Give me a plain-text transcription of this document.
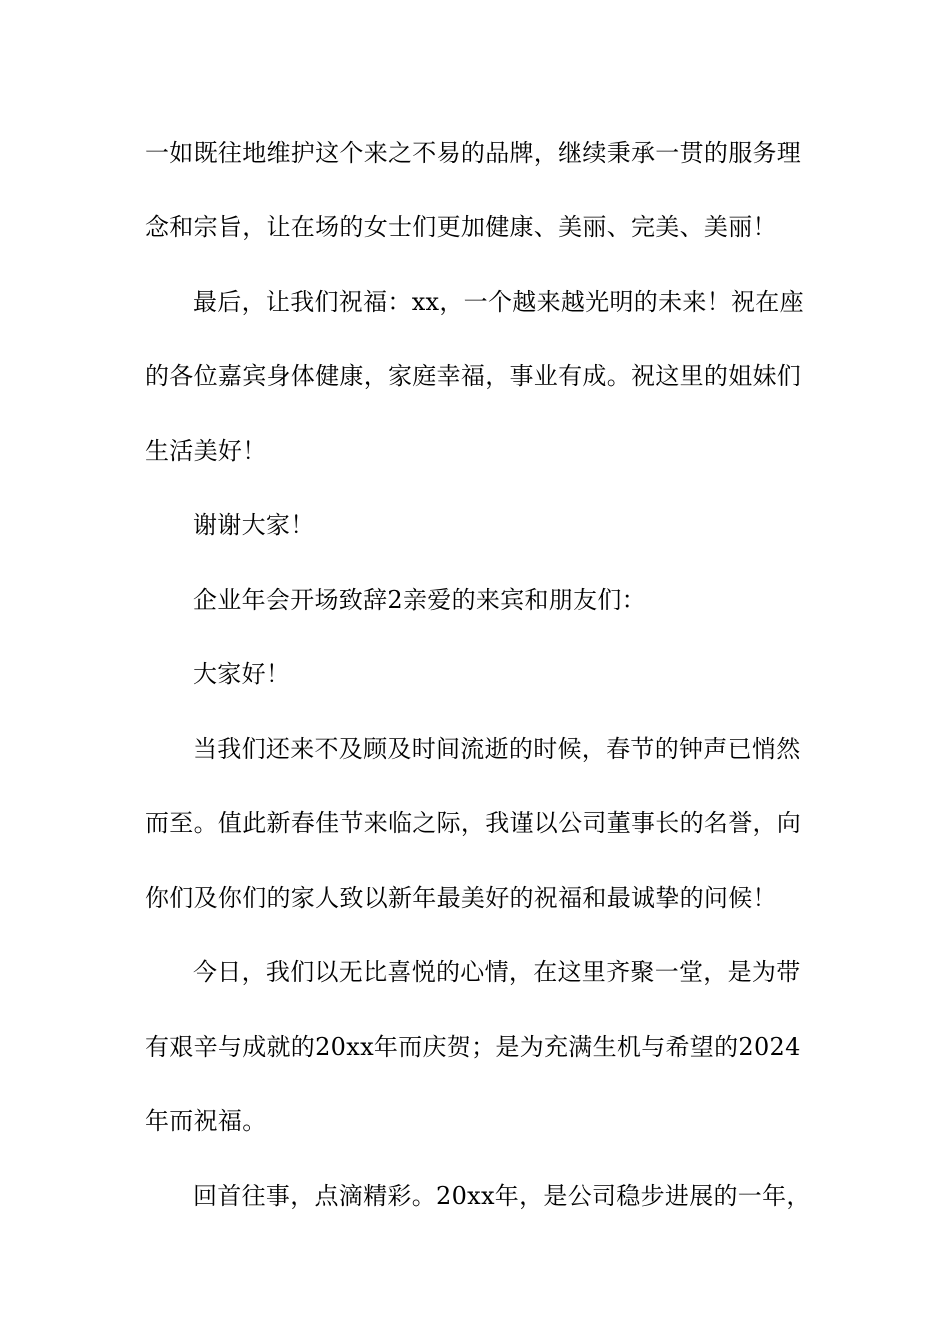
一如既往地维护这个来之不易的品牌，继续秉承一贯的服务理
念和宗旨，让在场的女士们更加健康、美丽、完美、美丽！
最后，让我们祝福：xx，一个越来越光明的未来！祝在座
的各位嘉宾身体健康，家庭幸福，事业有成。祝这里的姐妹们
生活美好！
谢谢大家！
企业年会开场致辞2亲爱的来宾和朋友们：
大家好！
当我们还来不及顾及时间流逝的时候，春节的钟声已悄然
而至。值此新春佳节来临之际，我谨以公司董事长的名誉，向
你们及你们的家人致以新年最美好的祝福和最诚挚的问候！
今日，我们以无比喜悦的心情，在这里齐聚一堂，是为带
有艰辛与成就的20xx年而庆贺；是为充满生机与希望的2024
年而祝福。
回首往事，点滴精彩。20xx年，是公司稳步进展的一年，
